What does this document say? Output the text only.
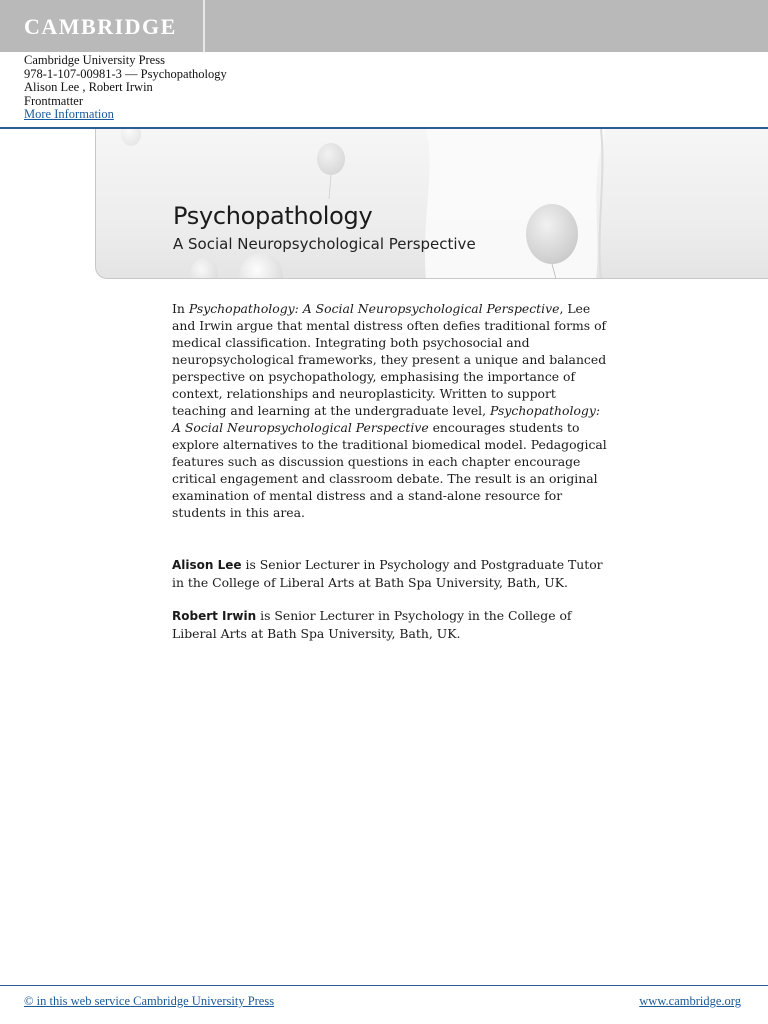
CAMBRIDGE
Cambridge University Press
978-1-107-00981-3 — Psychopathology
Alison Lee , Robert Irwin
Frontmatter
More Information
Psychopathology
A Social Neuropsychological Perspective
In Psychopathology: A Social Neuropsychological Perspective, Lee and Irwin argue that mental distress often defies traditional forms of medical classification. Integrating both psychosocial and neuropsychological frameworks, they present a unique and balanced perspective on psychopathology, emphasising the importance of context, relationships and neuroplasticity. Written to support teaching and learning at the undergraduate level, Psychopathology: A Social Neuropsychological Perspective encourages students to explore alternatives to the traditional biomedical model. Pedagogical features such as discussion questions in each chapter encourage critical engagement and classroom debate. The result is an original examination of mental distress and a stand-alone resource for students in this area.
Alison Lee is Senior Lecturer in Psychology and Postgraduate Tutor in the College of Liberal Arts at Bath Spa University, Bath, UK.
Robert Irwin is Senior Lecturer in Psychology in the College of Liberal Arts at Bath Spa University, Bath, UK.
© in this web service Cambridge University Press	www.cambridge.org
